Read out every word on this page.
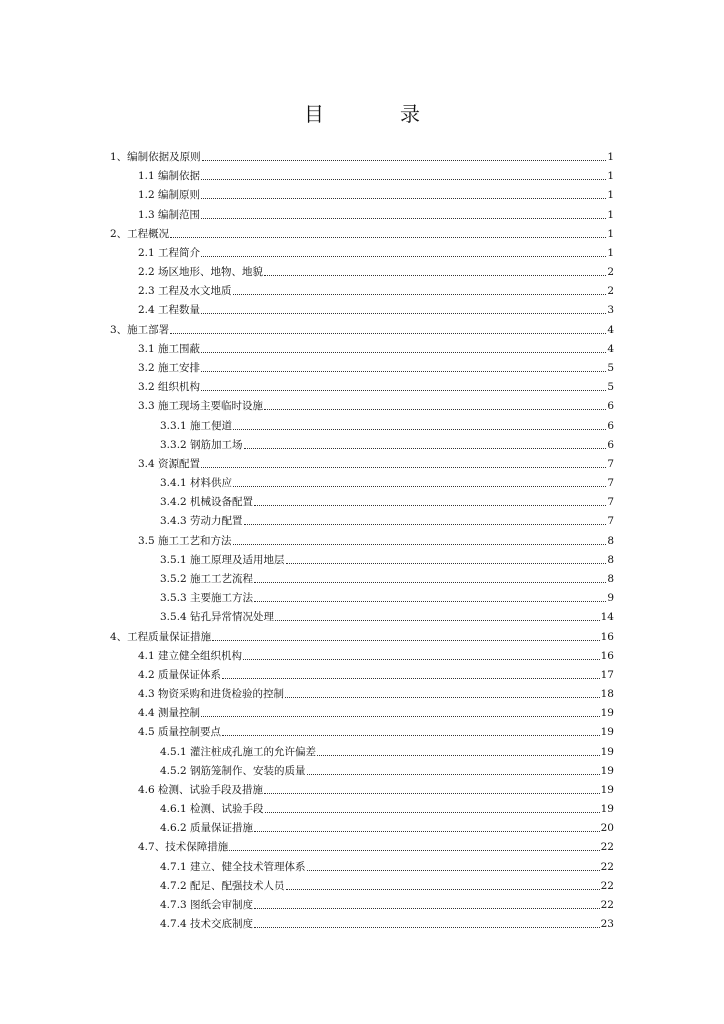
目　录
1、编制依据及原则	1
1.1 编制依据	1
1.2 编制原则	1
1.3 编制范围	1
2、工程概况	1
2.1 工程简介	1
2.2 场区地形、地物、地貌	2
2.3 工程及水文地质	2
2.4 工程数量	3
3、施工部署	4
3.1 施工围蔽	4
3.2 施工安排	5
3.2 组织机构	5
3.3 施工现场主要临时设施	6
3.3.1 施工便道	6
3.3.2 钢筋加工场	6
3.4 资源配置	7
3.4.1 材料供应	7
3.4.2 机械设备配置	7
3.4.3 劳动力配置	7
3.5 施工工艺和方法	8
3.5.1 施工原理及适用地层	8
3.5.2 施工工艺流程	8
3.5.3 主要施工方法	9
3.5.4 钻孔异常情况处理	14
4、工程质量保证措施	16
4.1 建立健全组织机构	16
4.2 质量保证体系	17
4.3 物资采购和进货检验的控制	18
4.4 测量控制	19
4.5 质量控制要点	19
4.5.1 灌注桩成孔施工的允许偏差	19
4.5.2 钢筋笼制作、安装的质量	19
4.6 检测、试验手段及措施	19
4.6.1 检测、试验手段	19
4.6.2 质量保证措施	20
4.7、技术保障措施	22
4.7.1 建立、健全技术管理体系	22
4.7.2 配足、配强技术人员	22
4.7.3 图纸会审制度	22
4.7.4 技术交底制度	23
